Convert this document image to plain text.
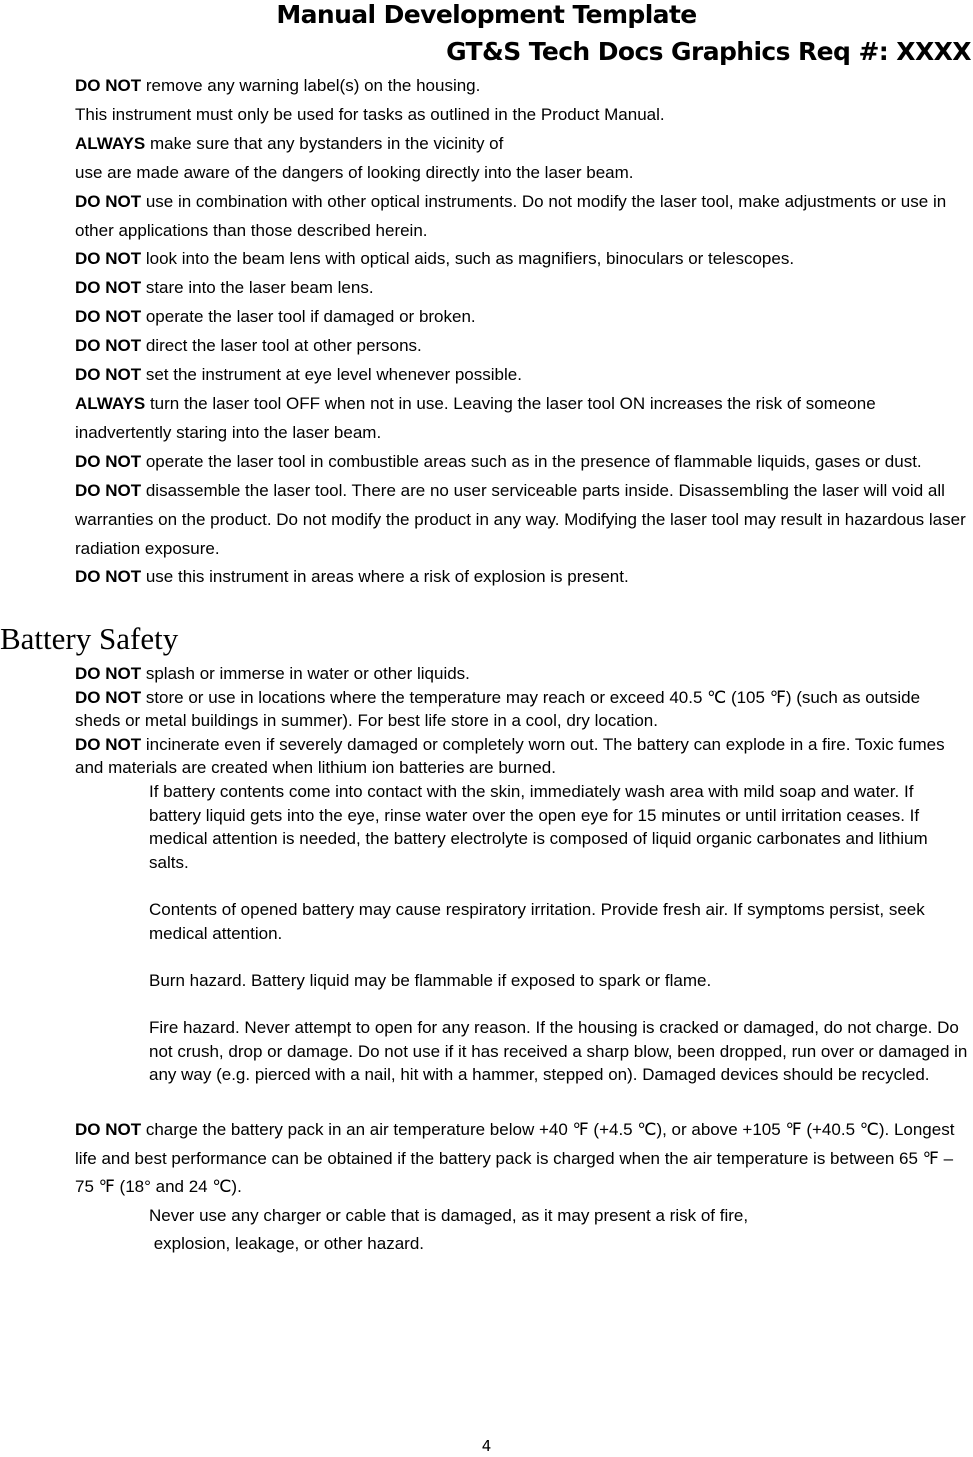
Manual Development Template
GT&S Tech Docs Graphics Req #: XXXX

DO NOT remove any warning label(s) on the housing.

This instrument must only be used for tasks as outlined in the Product Manual.

ALWAYS make sure that any bystanders in the vicinity of

use are made aware of the dangers of looking directly into the laser beam.

DO NOT use in combination with other optical instruments. Do not modify the laser tool, make adjustments or use in other applications than those described herein.

DO NOT look into the beam lens with optical aids, such as magnifiers, binoculars or telescopes.

DO NOT stare into the laser beam lens.

DO NOT operate the laser tool if damaged or broken.

DO NOT direct the laser tool at other persons.

DO NOT set the instrument at eye level whenever possible.

ALWAYS turn the laser tool OFF when not in use. Leaving the laser tool ON increases the risk of someone inadvertently staring into the laser beam.

DO NOT operate the laser tool in combustible areas such as in the presence of flammable liquids, gases or dust.

DO NOT disassemble the laser tool. There are no user serviceable parts inside. Disassembling the laser will void all warranties on the product. Do not modify the product in any way. Modifying the laser tool may result in hazardous laser radiation exposure.

DO NOT use this instrument in areas where a risk of explosion is present.

Battery Safety

DO NOT splash or immerse in water or other liquids.

DO NOT store or use in locations where the temperature may reach or exceed 40.5 ℃ (105 ℉) (such as outside sheds or metal buildings in summer). For best life store in a cool, dry location.

DO NOT incinerate even if severely damaged or completely worn out. The battery can explode in a fire. Toxic fumes and materials are created when lithium ion batteries are burned.

If battery contents come into contact with the skin, immediately wash area with mild soap and water. If battery liquid gets into the eye, rinse water over the open eye for 15 minutes or until irritation ceases. If medical attention is needed, the battery electrolyte is composed of liquid organic carbonates and lithium salts.

Contents of opened battery may cause respiratory irritation. Provide fresh air. If symptoms persist, seek medical attention.

Burn hazard. Battery liquid may be flammable if exposed to spark or flame.

Fire hazard. Never attempt to open for any reason. If the housing is cracked or damaged, do not charge. Do not crush, drop or damage. Do not use if it has received a sharp blow, been dropped, run over or damaged in any way (e.g. pierced with a nail, hit with a hammer, stepped on). Damaged devices should be recycled.

DO NOT charge the battery pack in an air temperature below +40 ℉ (+4.5 ℃), or above +105 ℉ (+40.5 ℃). Longest life and best performance can be obtained if the battery pack is charged when the air temperature is between 65 ℉ –75 ℉ (18° and 24 ℃).

Never use any charger or cable that is damaged, as it may present a risk of fire,

explosion, leakage, or other hazard.

4
